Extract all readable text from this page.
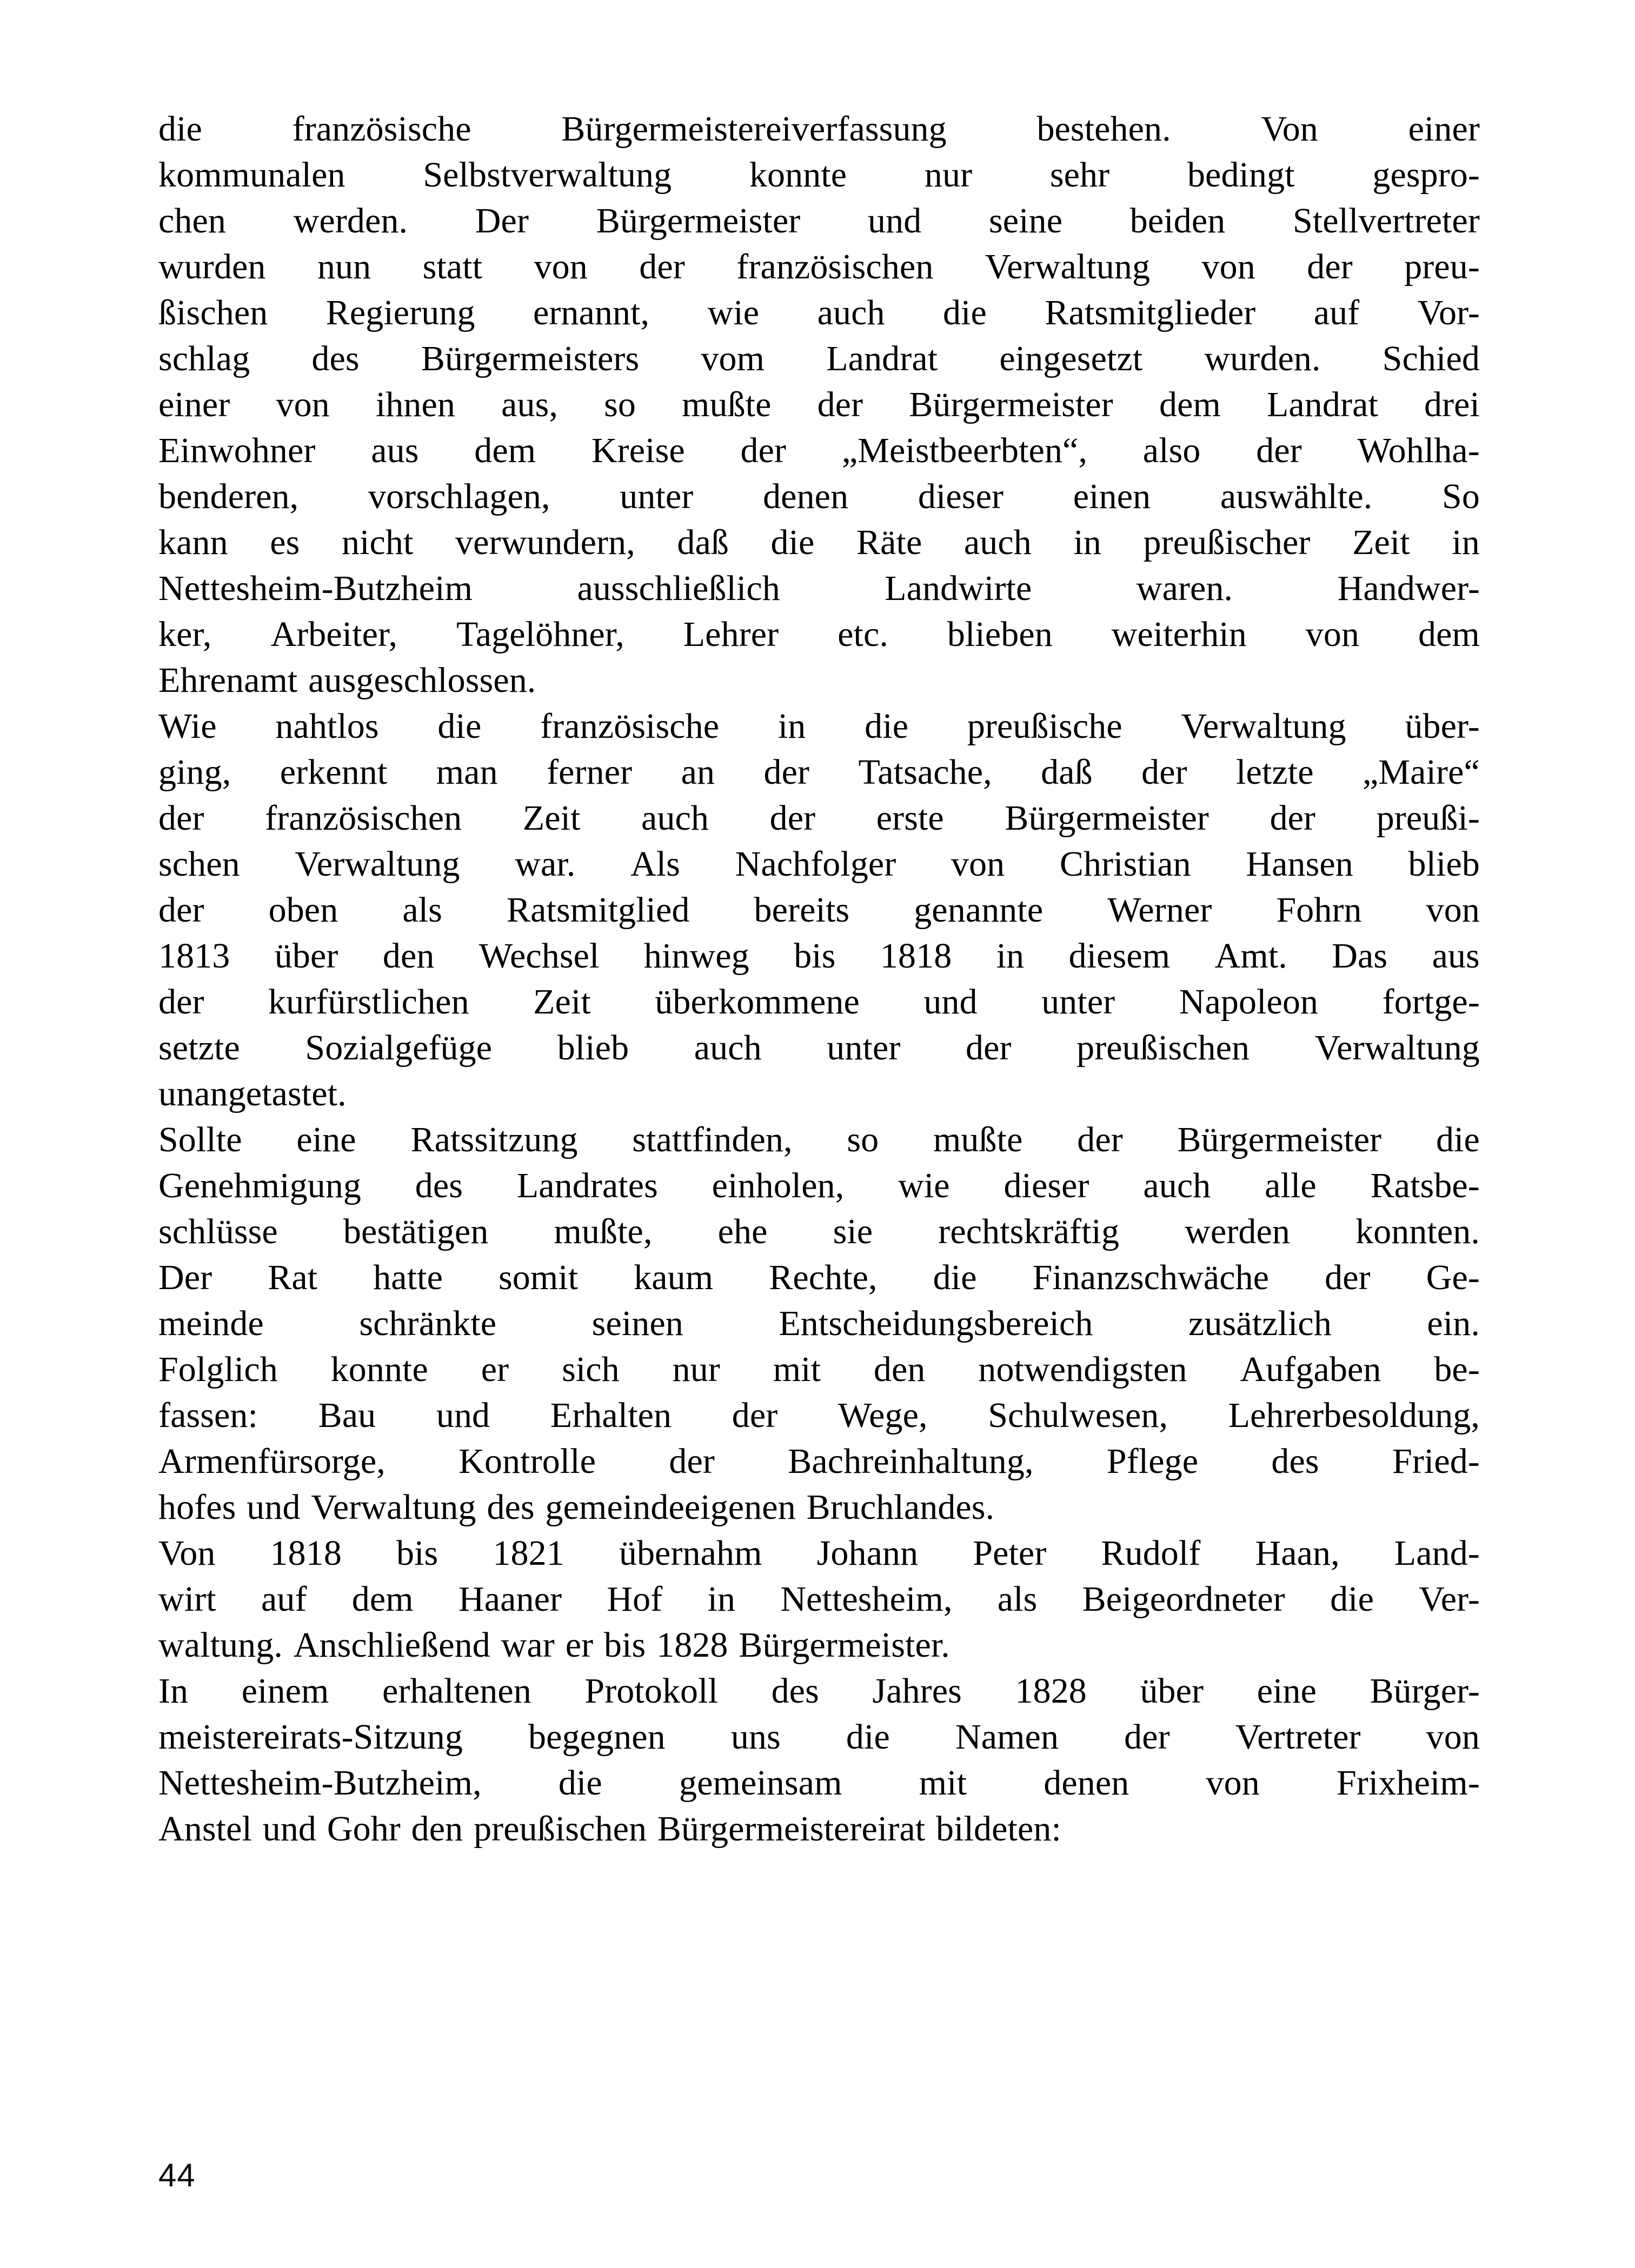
die	französische	Bürgermeistereiverfassung	bestehen.	Von	einer
kommunalen Selbstverwaltung konnte nur sehr bedingt gespro-
chen werden. Der Bürgermeister und seine beiden Stellvertreter
wurden nun statt von der französischen Verwaltung von der preu-
ßischen Regierung ernannt, wie auch die Ratsmitglieder auf Vor-
schlag des Bürgermeisters vom Landrat eingesetzt wurden. Schied
einer von ihnen aus, so mußte der Bürgermeister dem Landrat drei
Einwohner aus dem Kreise der „Meistbeerbten“, also der Wohlha-
benderen, vorschlagen, unter denen dieser einen auswählte. So
kann es nicht verwundern, daß die Räte auch in preußischer Zeit in
Nettesheim-Butzheim	ausschließlich	Landwirte	waren.	Handwer-
ker, Arbeiter, Tagelöhner, Lehrer etc. blieben weiterhin von dem
Ehrenamt ausgeschlossen.

Wie nahtlos die französische in die preußische Verwaltung über-
ging, erkennt man ferner an der Tatsache, daß der letzte „Maire“
der französischen Zeit auch der erste Bürgermeister der preußi-
schen Verwaltung war. Als Nachfolger von Christian Hansen blieb
der oben als Ratsmitglied bereits genannte Werner Fohrn von
1813 über den Wechsel hinweg bis 1818 in diesem Amt. Das aus
der kurfürstlichen Zeit überkommene und unter Napoleon fortge-
setzte Sozialgefüge blieb auch unter der preußischen Verwaltung
unangetastet.

Sollte eine Ratssitzung stattfinden, so mußte der Bürgermeister die
Genehmigung des Landrates einholen, wie dieser auch alle Ratsbe-
schlüsse bestätigen mußte, ehe sie rechtskräftig werden konnten.
Der Rat hatte somit kaum Rechte, die Finanzschwäche der Ge-
meinde	schränkte	seinen	Entscheidungsbereich	zusätzlich	ein.
Folglich konnte er sich nur mit den notwendigsten Aufgaben be-
fassen: Bau und Erhalten der Wege, Schulwesen, Lehrerbesoldung,
Armenfürsorge, Kontrolle der Bachreinhaltung, Pflege des Fried-
hofes und Verwaltung des gemeindeeigenen Bruchlandes.

Von 1818 bis 1821 übernahm Johann Peter Rudolf Haan, Land-
wirt auf dem Haaner Hof in Nettesheim, als Beigeordneter die Ver-
waltung. Anschließend war er bis 1828 Bürgermeister.

In einem erhaltenen Protokoll des Jahres 1828 über eine Bürger-
meistereirats-Sitzung begegnen uns die Namen der Vertreter von
Nettesheim-Butzheim, die gemeinsam mit denen von Frixheim-
Anstel und Gohr den preußischen Bürgermeistereirat bildeten:

44
